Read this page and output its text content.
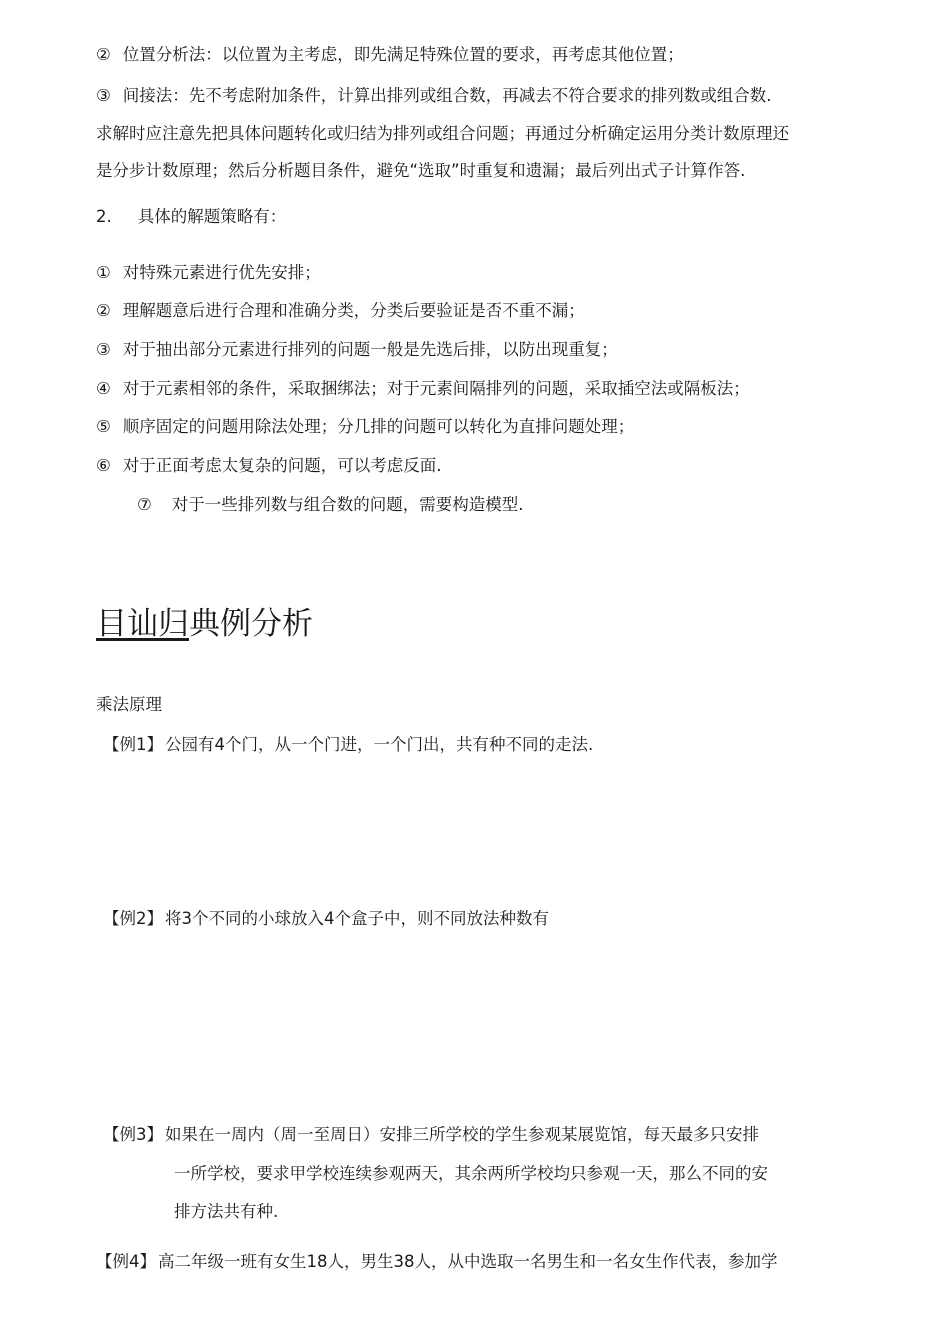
② 位置分析法：以位置为主考虑，即先满足特殊位置的要求，再考虑其他位置；
③ 间接法：先不考虑附加条件，计算出排列或组合数，再减去不符合要求的排列数或组合数.
求解时应注意先把具体问题转化或归结为排列或组合问题；再通过分析确定运用分类计数原理还
是分步计数原理；然后分析题目条件，避免“选取”时重复和遗漏；最后列出式子计算作答.
2. 具体的解题策略有：
① 对特殊元素进行优先安排；
② 理解题意后进行合理和准确分类，分类后要验证是否不重不漏；
③ 对于抽出部分元素进行排列的问题一般是先选后排，以防出现重复；
④ 对于元素相邻的条件，采取捆绑法；对于元素间隔排列的问题，采取插空法或隔板法；
⑤ 顺序固定的问题用除法处理；分几排的问题可以转化为直排问题处理；
⑥ 对于正面考虑太复杂的问题，可以考虑反面.
⑦ 对于一些排列数与组合数的问题，需要构造模型.
目讪归典例分析
乘法原理
【例1】 公园有4个门，从一个门进，一个门出，共有种不同的走法.
【例2】 将3个不同的小球放入4个盒子中，则不同放法种数有
【例3】 如果在一周内（周一至周日）安排三所学校的学生参观某展览馆，每天最多只安排
一所学校，要求甲学校连续参观两天，其余两所学校均只参观一天，那么不同的安
排方法共有种.
【例4】 高二年级一班有女生18人，男生38人，从中选取一名男生和一名女生作代表，参加学
